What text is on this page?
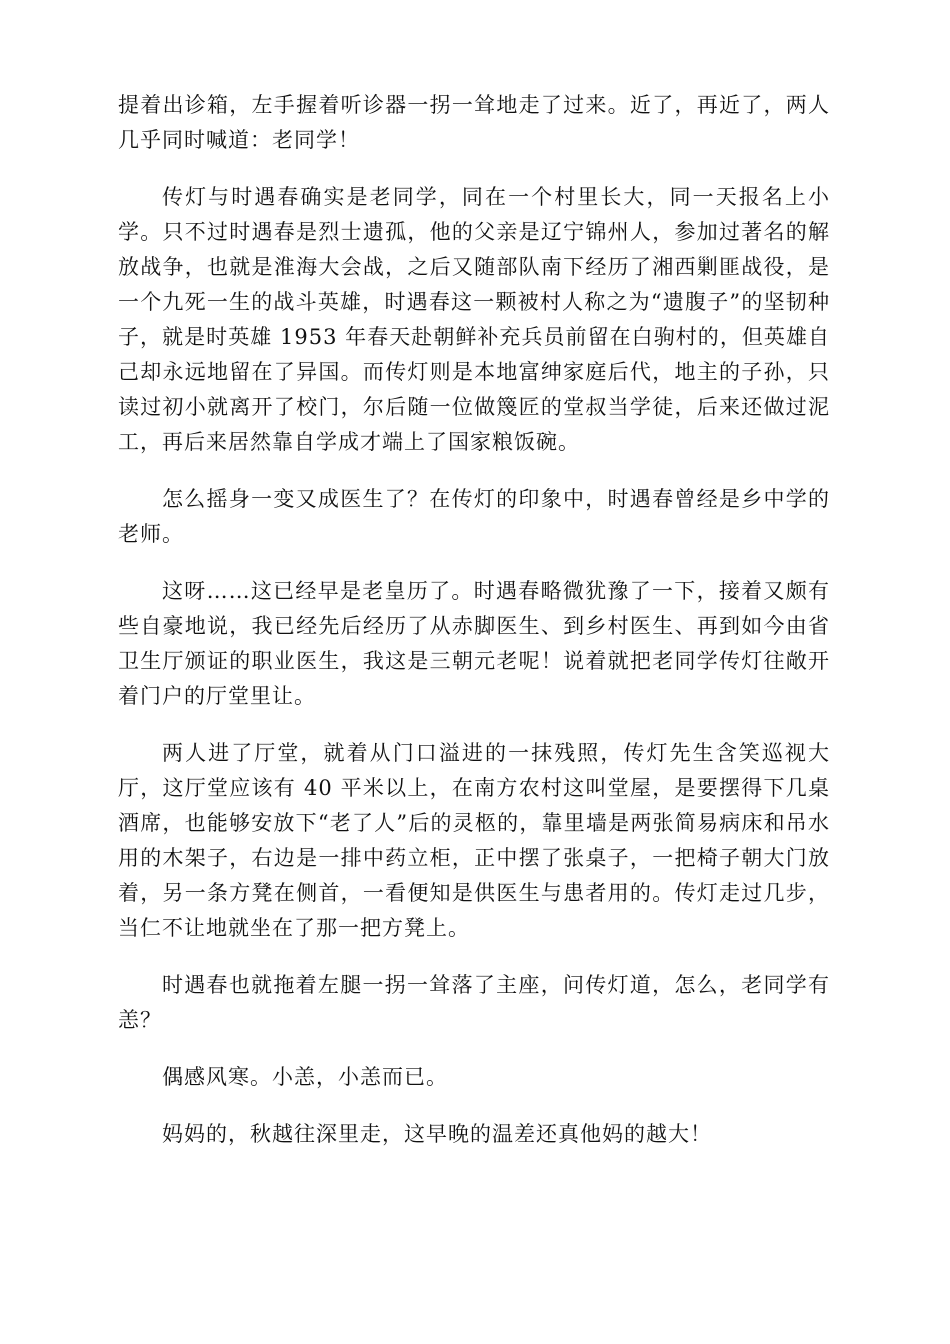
提着出诊箱，左手握着听诊器一拐一耸地走了过来。近了，再近了，两人几乎同时喊道：老同学！

传灯与时遇春确实是老同学，同在一个村里长大，同一天报名上小学。只不过时遇春是烈士遗孤，他的父亲是辽宁锦州人，参加过著名的解放战争，也就是淮海大会战，之后又随部队南下经历了湘西剿匪战役，是一个九死一生的战斗英雄，时遇春这一颗被村人称之为“遗腹子”的坚韧种子，就是时英雄 1953 年春天赴朝鲜补充兵员前留在白驹村的，但英雄自己却永远地留在了异国。而传灯则是本地富绅家庭后代，地主的子孙，只读过初小就离开了校门，尔后随一位做篾匠的堂叔当学徒，后来还做过泥工，再后来居然靠自学成才端上了国家粮饭碗。

怎么摇身一变又成医生了？在传灯的印象中，时遇春曾经是乡中学的老师。

这呀……这已经早是老皇历了。时遇春略微犹豫了一下，接着又颇有些自豪地说，我已经先后经历了从赤脚医生、到乡村医生、再到如今由省卫生厅颁证的职业医生，我这是三朝元老呢！说着就把老同学传灯往敞开着门户的厅堂里让。

两人进了厅堂，就着从门口溢进的一抹残照，传灯先生含笑巡视大厅，这厅堂应该有 40 平米以上，在南方农村这叫堂屋，是要摆得下几桌酒席，也能够安放下“老了人”后的灵柩的，靠里墙是两张简易病床和吊水用的木架子，右边是一排中药立柜，正中摆了张桌子，一把椅子朝大门放着，另一条方凳在侧首，一看便知是供医生与患者用的。传灯走过几步，当仁不让地就坐在了那一把方凳上。

时遇春也就拖着左腿一拐一耸落了主座，问传灯道，怎么，老同学有恙？

偶感风寒。小恙，小恙而已。

妈妈的，秋越往深里走，这早晚的温差还真他妈的越大！
